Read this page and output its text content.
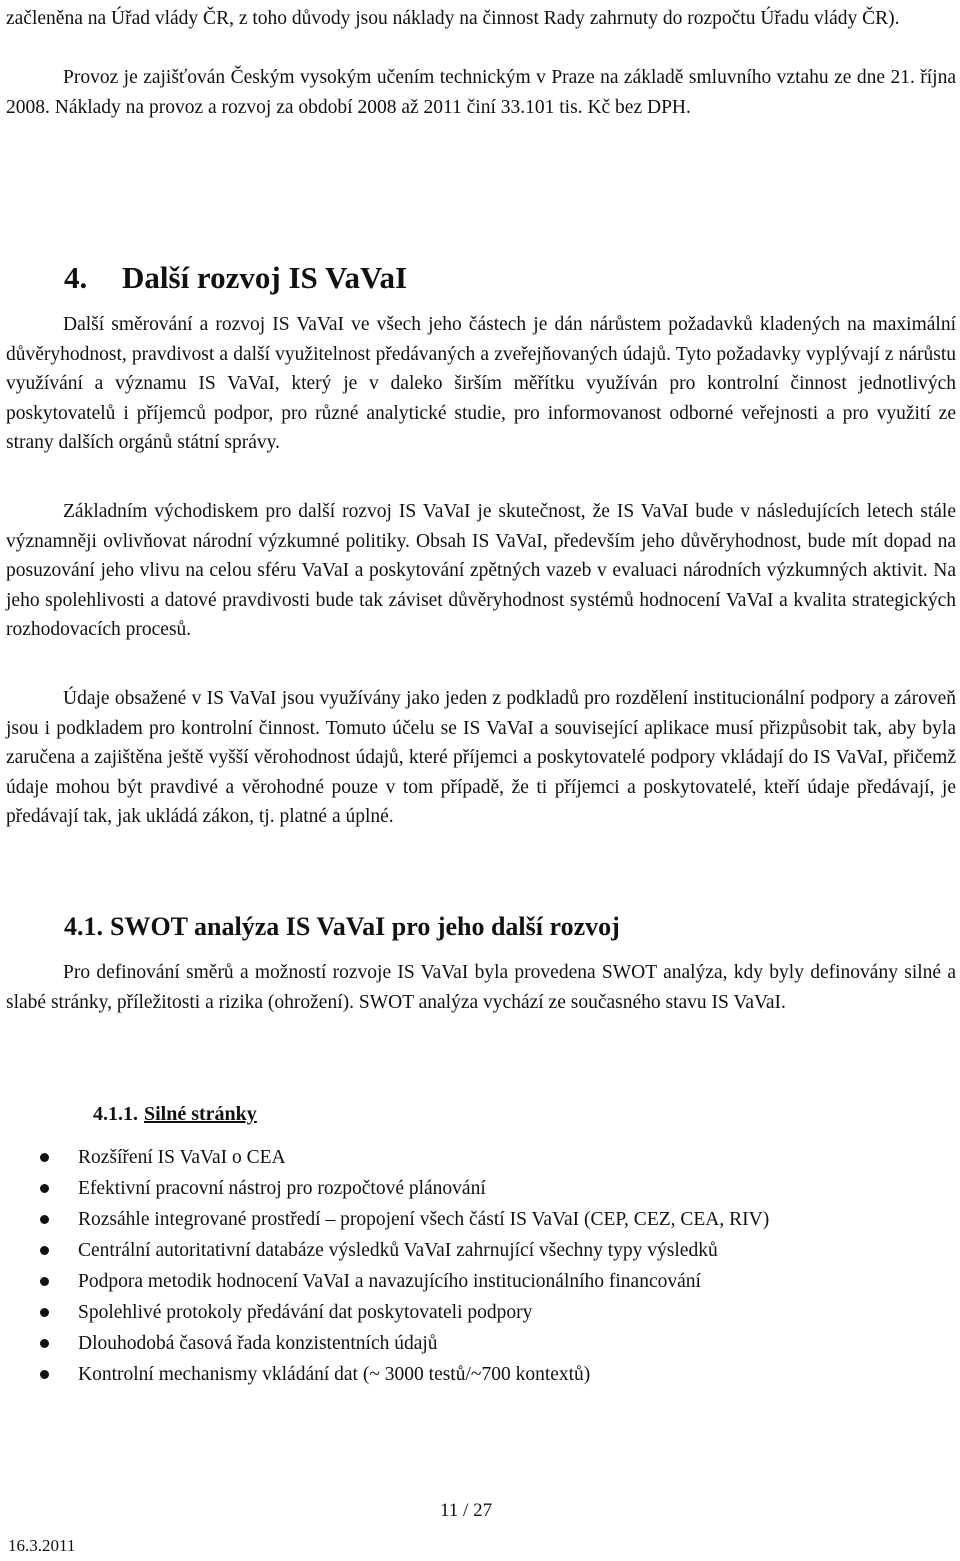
začleněna na Úřad vlády ČR, z toho důvody jsou náklady na činnost Rady zahrnuty do rozpočtu Úřadu vlády ČR).

Provoz je zajišťován Českým vysokým učením technickým v Praze na základě smluvního vztahu ze dne 21. října 2008. Náklady na provoz a rozvoj za období 2008 až 2011 činí 33.101 tis. Kč bez DPH.

4. Další rozvoj IS VaVaI

Další směrování a rozvoj IS VaVaI ve všech jeho částech je dán nárůstem požadavků kladených na maximální důvěryhodnost, pravdivost a další využitelnost předávaných a zveřejňovaných údajů. Tyto požadavky vyplývají z nárůstu využívání a významu IS VaVaI, který je v daleko širším měřítku využíván pro kontrolní činnost jednotlivých poskytovatelů i příjemců podpor, pro různé analytické studie, pro informovanost odborné veřejnosti a pro využití ze strany dalších orgánů státní správy.

Základním východiskem pro další rozvoj IS VaVaI je skutečnost, že IS VaVaI bude v následujících letech stále významněji ovlivňovat národní výzkumné politiky. Obsah IS VaVaI, především jeho důvěryhodnost, bude mít dopad na posuzování jeho vlivu na celou sféru VaVaI a poskytování zpětných vazeb v evaluaci národních výzkumných aktivit. Na jeho spolehlivosti a datové pravdivosti bude tak záviset důvěryhodnost systémů hodnocení VaVaI a kvalita strategických rozhodovacích procesů.

Údaje obsažené v IS VaVaI jsou využívány jako jeden z podkladů pro rozdělení institucionální podpory a zároveň jsou i podkladem pro kontrolní činnost. Tomuto účelu se IS VaVaI a související aplikace musí přizpůsobit tak, aby byla zaručena a zajištěna ještě vyšší věrohodnost údajů, které příjemci a poskytovatelé podpory vkládají do IS VaVaI, přičemž údaje mohou být pravdivé a věrohodné pouze v tom případě, že ti příjemci a poskytovatelé, kteří údaje předávají, je předávají tak, jak ukládá zákon, tj. platné a úplné.

4.1. SWOT analýza IS VaVaI pro jeho další rozvoj

Pro definování směrů a možností rozvoje IS VaVaI byla provedena SWOT analýza, kdy byly definovány silné a slabé stránky, příležitosti a rizika (ohrožení). SWOT analýza vychází ze současného stavu IS VaVaI.

4.1.1. Silné stránky
Rozšíření IS VaVaI o CEA
Efektivní pracovní nástroj pro rozpočtové plánování
Rozsáhle integrované prostředí – propojení všech částí IS VaVaI (CEP, CEZ, CEA, RIV)
Centrální autoritativní databáze výsledků VaVaI zahrnující všechny typy výsledků
Podpora metodik hodnocení VaVaI a navazujícího institucionálního financování
Spolehlivé protokoly předávání dat poskytovateli podpory
Dlouhodobá časová řada konzistentních údajů
Kontrolní mechanismy vkládání dat (~ 3000 testů/~700 kontextů)
11 / 27
16.3.2011
